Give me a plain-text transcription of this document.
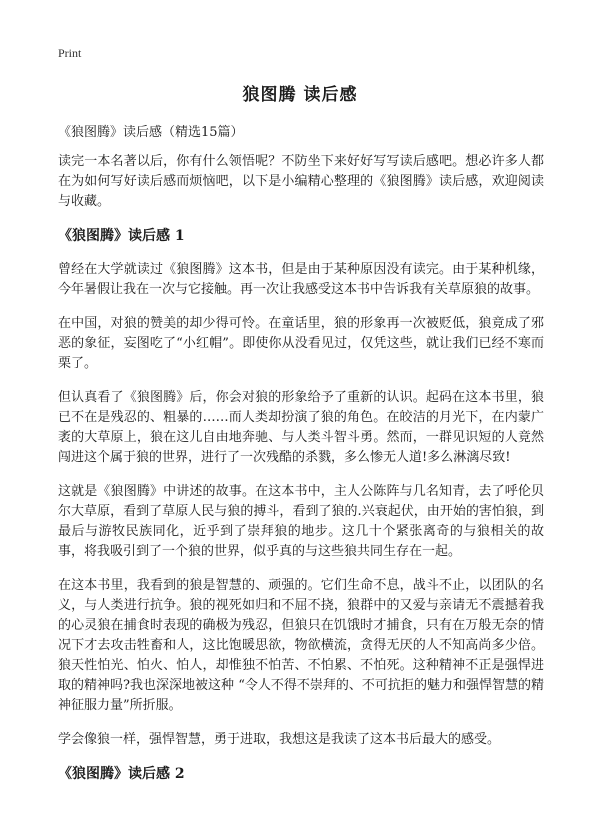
Print
狼图腾 读后感
《狼图腾》读后感（精选15篇）

读完一本名著以后，你有什么领悟呢？不防坐下来好好写写读后感吧。想必许多人都在为如何写好读后感而烦恼吧，以下是小编精心整理的《狼图腾》读后感，欢迎阅读与收藏。

《狼图腾》读后感 1

曾经在大学就读过《狼图腾》这本书，但是由于某种原因没有读完。由于某种机缘，今年暑假让我在一次与它接触。再一次让我感受这本书中告诉我有关草原狼的故事。

在中国，对狼的赞美的却少得可怜。在童话里，狼的形象再一次被贬低，狼竟成了邪恶的象征，妄图吃了“小红帽”。即使你从没看见过，仅凭这些，就让我们已经不寒而栗了。

但认真看了《狼图腾》后，你会对狼的形象给予了重新的认识。起码在这本书里，狼已不在是残忍的、粗暴的……而人类却扮演了狼的角色。在皎洁的月光下，在内蒙广袤的大草原上，狼在这儿自由地奔驰、与人类斗智斗勇。然而，一群见识短的人竟然闯进这个属于狼的世界，进行了一次残酷的杀戮，多么惨无人道!多么淋漓尽致!

这就是《狼图腾》中讲述的故事。在这本书中，主人公陈阵与几名知青，去了呼伦贝尔大草原，看到了草原人民与狼的搏斗，看到了狼的.兴衰起伏，由开始的害怕狼，到最后与游牧民族同化，近乎到了崇拜狼的地步。这几十个紧张离奇的与狼相关的故事，将我吸引到了一个狼的世界，似乎真的与这些狼共同生存在一起。

在这本书里，我看到的狼是智慧的、顽强的。它们生命不息，战斗不止，以团队的名义，与人类进行抗争。狼的视死如归和不屈不挠，狼群中的又爱与亲请无不震撼着我的心灵狼在捕食时表现的确极为残忍，但狼只在饥饿时才捕食，只有在万般无奈的情况下才去攻击牲畜和人，这比饱暖思欲，物欲横流，贪得无厌的人不知高尚多少倍。狼天性怕光、怕火、怕人，却惟独不怕苦、不怕累、不怕死。这种精神不正是强悍进取的精神吗?我也深深地被这种 “令人不得不崇拜的、不可抗拒的魅力和强悍智慧的精神征服力量”所折服。

学会像狼一样，强悍智慧，勇于进取，我想这是我读了这本书后最大的感受。

《狼图腾》读后感 2
